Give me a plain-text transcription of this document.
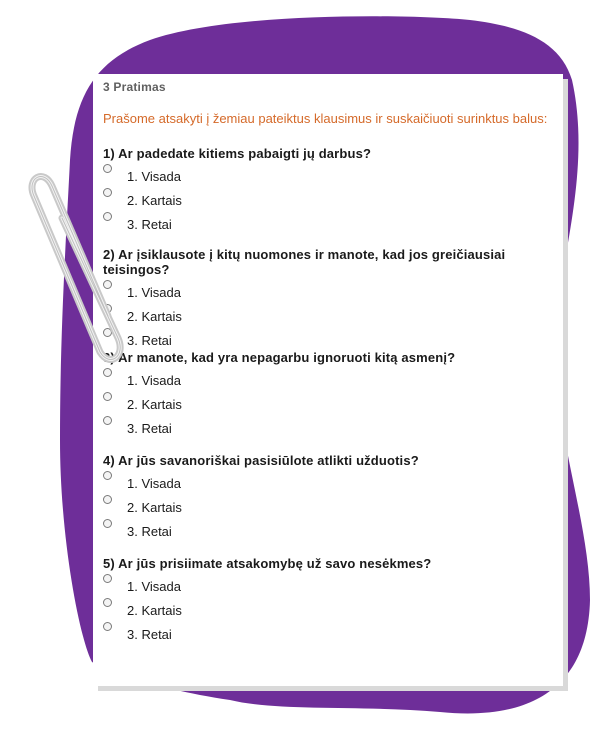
3 Pratimas
Prašome atsakyti į žemiau pateiktus klausimus ir suskaičiuoti surinktus balus:
1) Ar padedate kitiems pabaigti jų darbus?
1. Visada
2. Kartais
3. Retai
2) Ar įsiklausote į kitų nuomones ir manote, kad jos greičiausiai teisingos?
1. Visada
2. Kartais
3. Retai
3) Ar manote, kad yra nepagarbu ignoruoti kitą asmenį?
1. Visada
2. Kartais
3. Retai
4) Ar jūs savanoriškai pasisiūlote atlikti užduotis?
1. Visada
2. Kartais
3. Retai
5) Ar jūs prisiimate atsakomybę už savo nesėkmes?
1. Visada
2. Kartais
3. Retai
